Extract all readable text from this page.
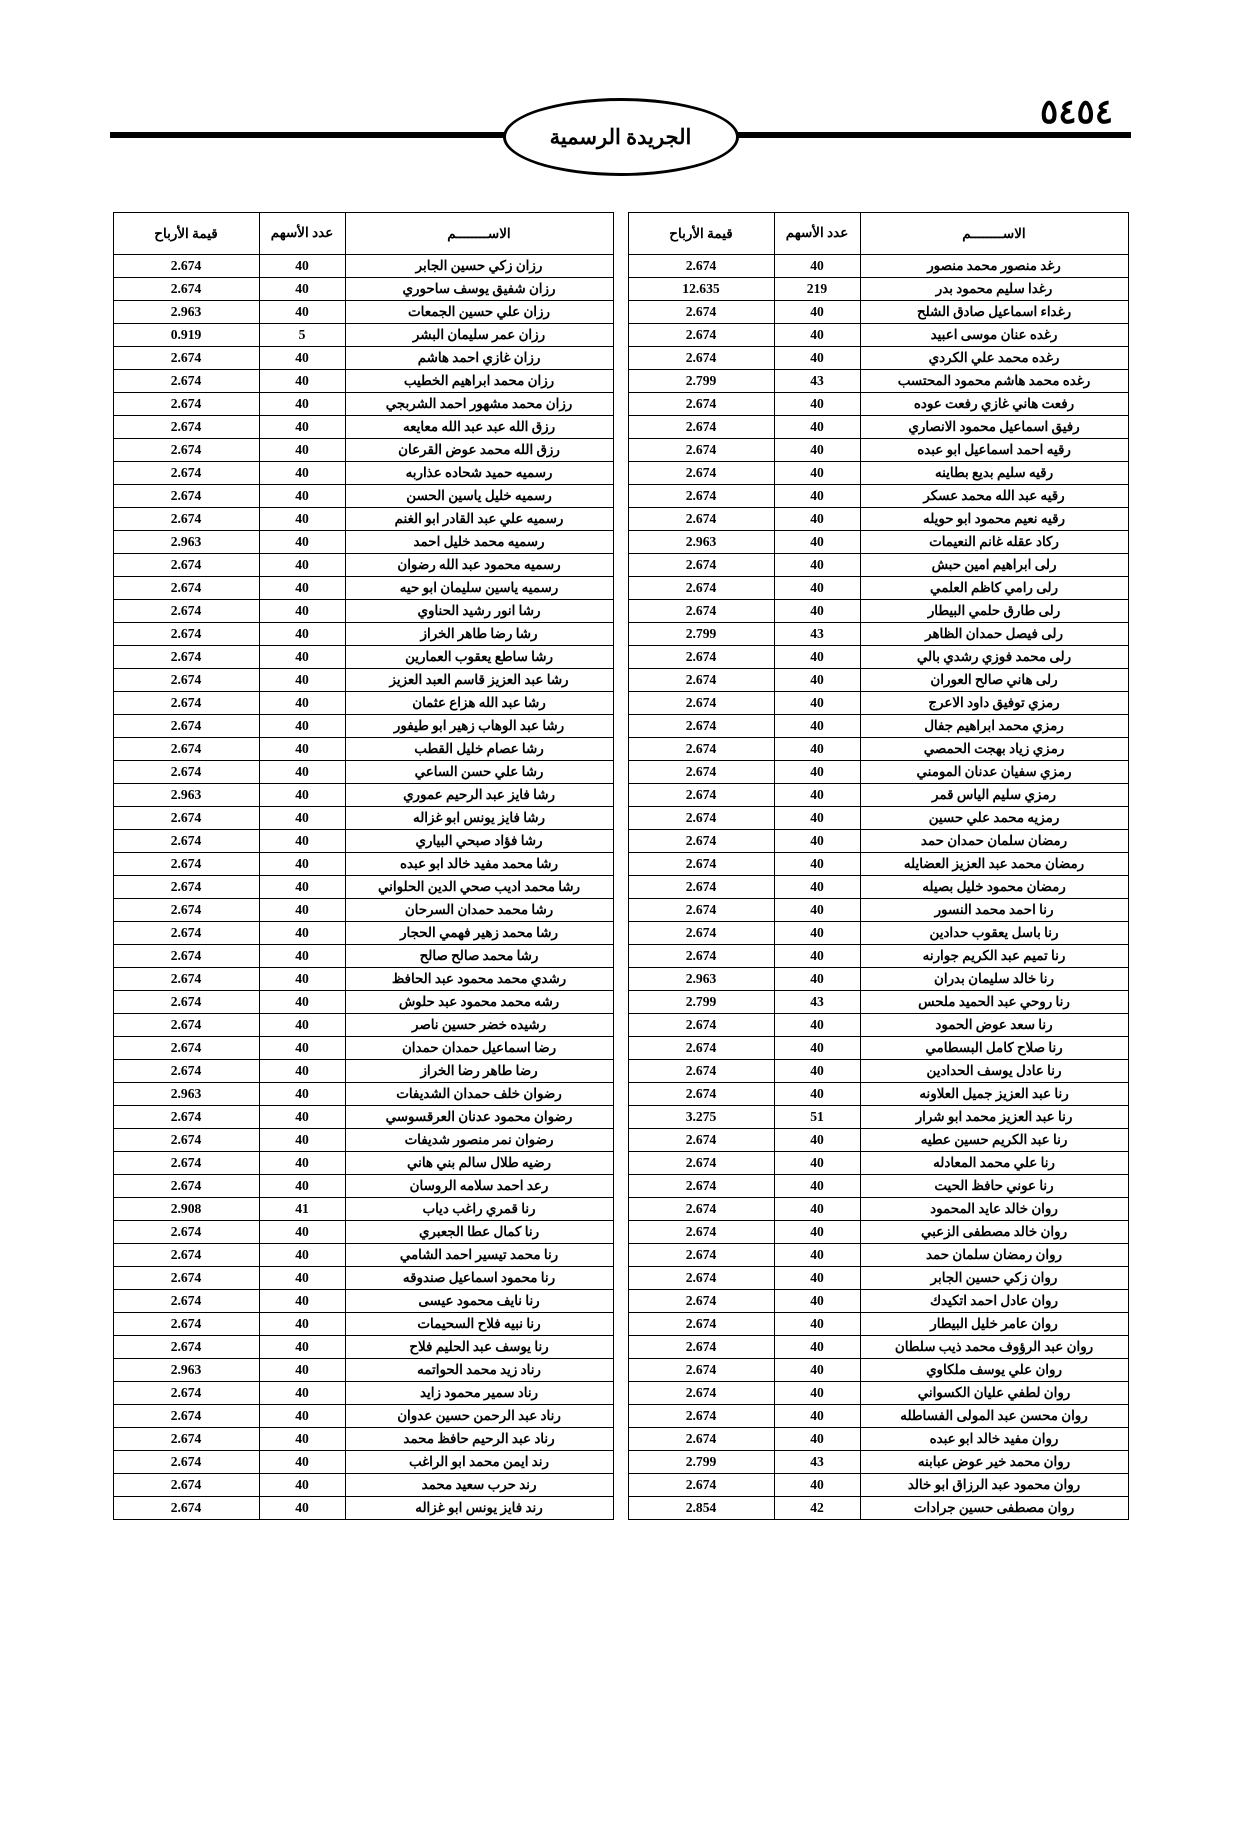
٥٤٥٤
الجريدة الرسمية
الاســــــــم	عدد الأسهم	قيمة الأرباح
رزان زكي حسين الجابر	40	2.674
رزان شفيق يوسف ساحوري	40	2.674
رزان علي حسين الجمعات	40	2.963
رزان عمر سليمان البشر	5	0.919
رزان غازي احمد هاشم	40	2.674
رزان محمد ابراهيم الخطيب	40	2.674
رزان محمد مشهور احمد الشربجي	40	2.674
رزق الله عبد عبد الله معايعه	40	2.674
رزق الله محمد عوض القرعان	40	2.674
رسميه حميد شحاده عذاربه	40	2.674
رسميه خليل ياسين الحسن	40	2.674
رسميه علي عبد القادر ابو الغنم	40	2.674
رسميه محمد خليل احمد	40	2.963
رسميه محمود عبد الله رضوان	40	2.674
رسميه ياسين سليمان ابو حيه	40	2.674
رشا انور رشيد الحناوي	40	2.674
رشا رضا طاهر الخراز	40	2.674
رشا ساطع يعقوب العمارين	40	2.674
رشا عبد العزيز قاسم العبد العزيز	40	2.674
رشا عبد الله هزاع عثمان	40	2.674
رشا عبد الوهاب زهير ابو طيفور	40	2.674
رشا عصام خليل القطب	40	2.674
رشا علي حسن الساعي	40	2.674
رشا فايز عبد الرحيم عموري	40	2.963
رشا فايز يونس ابو غزاله	40	2.674
رشا فؤاد صبحي البياري	40	2.674
رشا محمد مفيد خالد ابو عبده	40	2.674
رشا محمد اديب صحي الدين الحلواني	40	2.674
رشا محمد حمدان السرحان	40	2.674
رشا محمد زهير فهمي الحجار	40	2.674
رشا محمد صالح صالح	40	2.674
رشدي محمد محمود عبد الحافظ	40	2.674
رشه محمد محمود عبد حلوش	40	2.674
رشيده خضر حسين ناصر	40	2.674
رضا اسماعيل حمدان حمدان	40	2.674
رضا طاهر رضا الخراز	40	2.674
رضوان خلف حمدان الشديفات	40	2.963
رضوان محمود عدنان العرقسوسي	40	2.674
رضوان نمر منصور شديفات	40	2.674
رضيه طلال سالم بني هاني	40	2.674
رعد احمد سلامه الروسان	40	2.674
رنا قمري راغب دياب	41	2.908
رنا كمال عطا الجعبري	40	2.674
رنا محمد تيسير احمد الشامي	40	2.674
رنا محمود اسماعيل صندوقه	40	2.674
رنا نايف محمود عيسى	40	2.674
رنا نبيه فلاح السحيمات	40	2.674
رنا يوسف عبد الحليم فلاح	40	2.674
رناد زيد محمد الحواتمه	40	2.963
رناد سمير محمود زايد	40	2.674
رناد عبد الرحمن حسين عدوان	40	2.674
رناد عبد الرحيم حافظ محمد	40	2.674
رند ايمن محمد ابو الراغب	40	2.674
رند حرب سعيد محمد	40	2.674
رند فايز يونس ابو غزاله	40	2.674
الاســــــــم	عدد الأسهم	قيمة الأرباح
رغد منصور محمد منصور	40	2.674
رغدا سليم محمود بدر	219	12.635
رغداء اسماعيل صادق الشلح	40	2.674
رغده عنان موسى اعبيد	40	2.674
رغده محمد علي الكردي	40	2.674
رغده محمد هاشم محمود المحتسب	43	2.799
رفعت هاني غازي رفعت عوده	40	2.674
رفيق اسماعيل محمود الانصاري	40	2.674
رقيه احمد اسماعيل ابو عبده	40	2.674
رقيه سليم بديع بطاينه	40	2.674
رقيه عبد الله محمد عسكر	40	2.674
رقيه نعيم محمود ابو حويله	40	2.674
ركاد عقله غانم النعيمات	40	2.963
رلى ابراهيم امين حبش	40	2.674
رلى رامي كاظم العلمي	40	2.674
رلى طارق حلمي البيطار	40	2.674
رلى فيصل حمدان الظاهر	43	2.799
رلى محمد فوزي رشدي بالي	40	2.674
رلى هاني صالح العوران	40	2.674
رمزي توفيق داود الاعرج	40	2.674
رمزي محمد ابراهيم جفال	40	2.674
رمزي زياد بهجت الحمصي	40	2.674
رمزي سفيان عدنان المومني	40	2.674
رمزي سليم الياس قمر	40	2.674
رمزيه محمد علي حسين	40	2.674
رمضان سلمان حمدان حمد	40	2.674
رمضان محمد عبد العزيز العضايله	40	2.674
رمضان محمود خليل بصيله	40	2.674
رنا احمد محمد النسور	40	2.674
رنا باسل يعقوب حدادين	40	2.674
رنا تميم عبد الكريم جوارنه	40	2.674
رنا خالد سليمان بدران	40	2.963
رنا روحي عبد الحميد ملحس	43	2.799
رنا سعد عوض الحمود	40	2.674
رنا صلاح كامل البسطامي	40	2.674
رنا عادل يوسف الحدادين	40	2.674
رنا عبد العزيز جميل العلاونه	40	2.674
رنا عبد العزيز محمد ابو شرار	51	3.275
رنا عبد الكريم حسين عطيه	40	2.674
رنا علي محمد المعادله	40	2.674
رنا عوني حافظ الحيت	40	2.674
روان خالد عايد المحمود	40	2.674
روان خالد مصطفى الزعبي	40	2.674
روان رمضان سلمان حمد	40	2.674
روان زكي حسين الجابر	40	2.674
روان عادل احمد اتكيدك	40	2.674
روان عامر خليل البيطار	40	2.674
روان عبد الرؤوف محمد ذيب سلطان	40	2.674
روان علي يوسف ملكاوي	40	2.674
روان لطفي عليان الكسواني	40	2.674
روان محسن عبد المولى الفساطله	40	2.674
روان مفيد خالد ابو عبده	40	2.674
روان محمد خير عوض عبابنه	43	2.799
روان محمود عبد الرزاق ابو خالد	40	2.674
روان مصطفى حسين جرادات	42	2.854
